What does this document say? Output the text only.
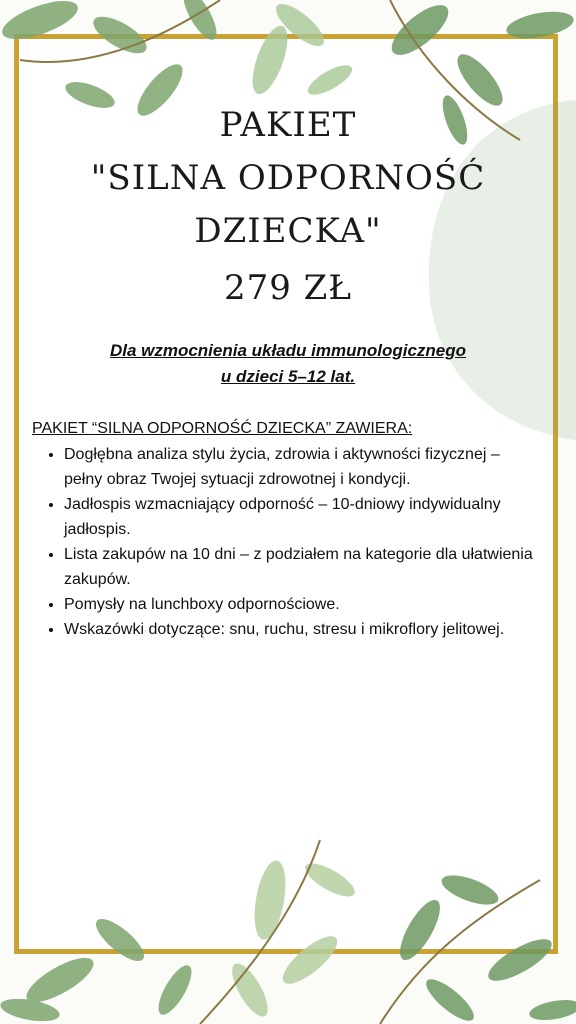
PAKIET
"SILNA ODPORNOŚĆ
DZIECKA"
279 ZŁ
Dla wzmocnienia układu immunologicznego
u dzieci 5–12 lat.
PAKIET “SILNA ODPORNOŚĆ DZIECKA” ZAWIERA:
• Dogłębna analiza stylu życia, zdrowia i aktywności fizycznej – pełny obraz Twojej sytuacji zdrowotnej i kondycji.
• Jadłospis wzmacniający odporność – 10-dniowy indywidualny jadłospis.
• Lista zakupów na 10 dni – z podziałem na kategorie dla ułatwienia zakupów.
• Pomysły na lunchboxy odpornościowe.
• Wskazówki dotyczące: snu, ruchu, stresu i mikroflory jelitowej.
